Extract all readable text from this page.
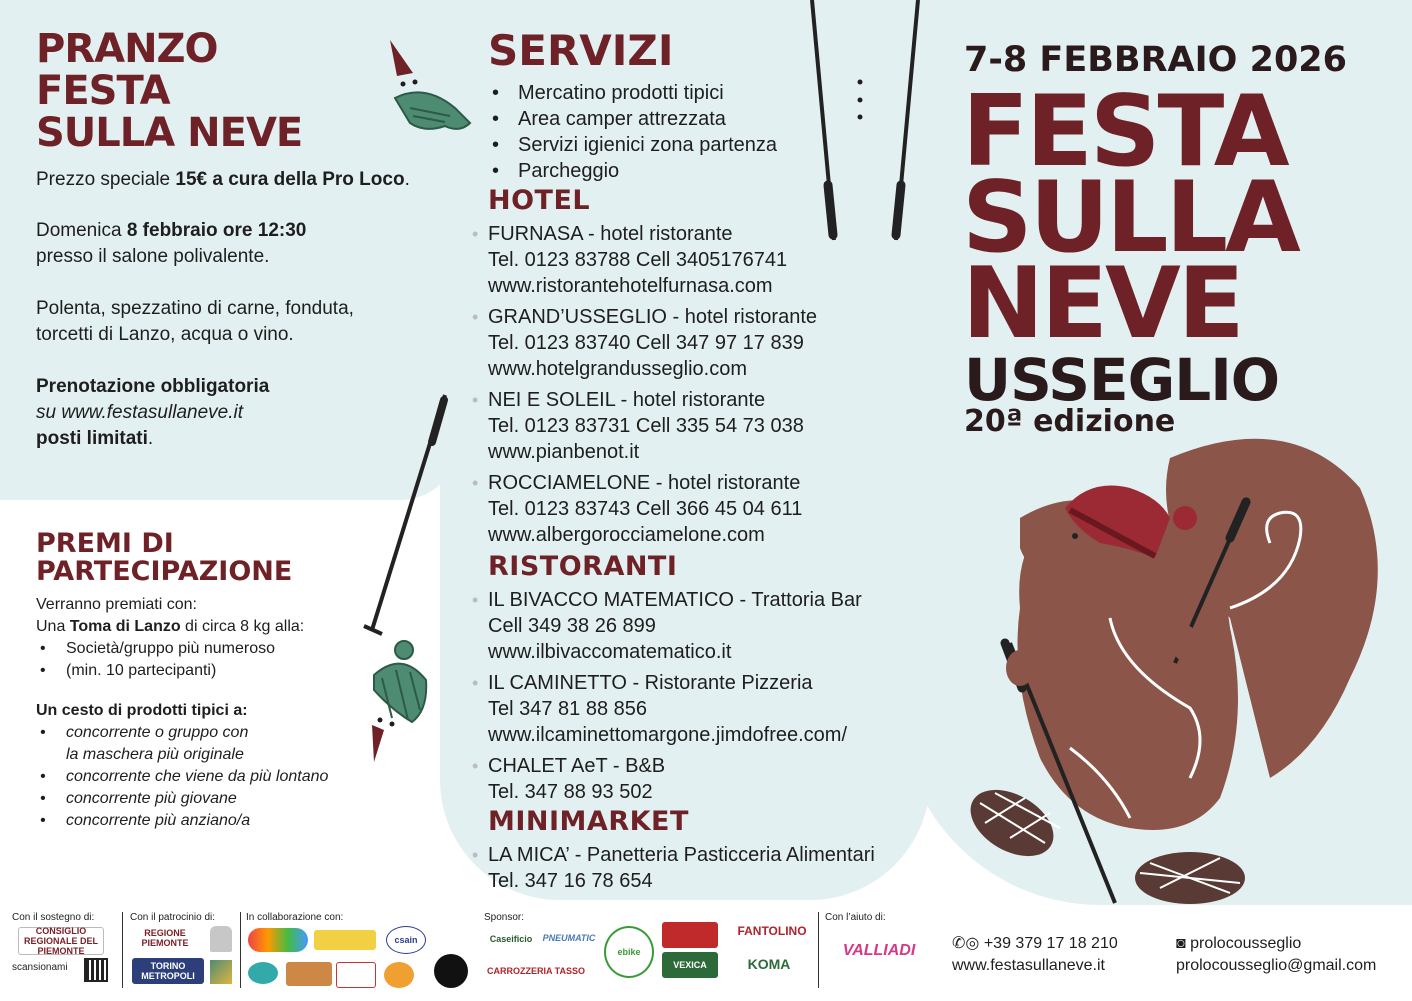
PRANZO
FESTA
SULLA NEVE
Prezzo speciale 15€ a cura della Pro Loco.
Domenica 8 febbraio ore 12:30
presso il salone polivalente.
Polenta, spezzatino di carne, fonduta,
torcetti di Lanzo, acqua o vino.
Prenotazione obbligatoria
su www.festasullaneve.it
posti limitati.
PREMI DI
PARTECIPAZIONE
Verranno premiati con:
Una Toma di Lanzo di circa 8 kg alla:
• Società/gruppo più numeroso
• (min. 10 partecipanti)
Un cesto di prodotti tipici a:
• concorrente o gruppo con
la maschera più originale
• concorrente che viene da più lontano
• concorrente più giovane
• concorrente più anziano/a
SERVIZI
• Mercatino prodotti tipici
• Area camper attrezzata
• Servizi igienici zona partenza
• Parcheggio
HOTEL
• FURNASA - hotel ristorante
Tel. 0123 83788 Cell 3405176741
www.ristorantehotelfurnasa.com
• GRAND’USSEGLIO - hotel ristorante
Tel. 0123 83740 Cell 347 97 17 839
www.hotelgrandusseglio.com
• NEI E SOLEIL - hotel ristorante
Tel. 0123 83731 Cell 335 54 73 038
www.pianbenot.it
• ROCCIAMELONE - hotel ristorante
Tel. 0123 83743 Cell 366 45 04 611
www.albergorocciamelone.com
RISTORANTI
• IL BIVACCO MATEMATICO - Trattoria Bar
Cell 349 38 26 899
www.ilbivaccomatematico.it
• IL CAMINETTO - Ristorante Pizzeria
Tel 347 81 88 856
www.ilcaminettomargone.jimdofree.com/
• CHALET AeT - B&B
Tel. 347 88 93 502
MINIMARKET
• LA MICA’ - Panetteria Pasticceria Alimentari
Tel. 347 16 78 654
7-8 FEBBRAIO 2026
FESTA
SULLA
NEVE
USSEGLIO
20ª edizione
Con il sostegno di:	Con il patrocinio di:	In collaborazione con:	Sponsor:	Con l’aiuto di:
CONSIGLIO REGIONALE DEL PIEMONTE
scansionami
REGIONE PIEMONTE
TORINO METROPOLI
csain	Caseificio	PNEUMATIC
CARROZZERIA TASSO
ebike
VEXICA
FANTOLINO
KOMA
VALLIADI	✆◎ +39 379 17 18 210
www.festasullaneve.it
◙ prolocousseglio
prolocousseglio@gmail.com
